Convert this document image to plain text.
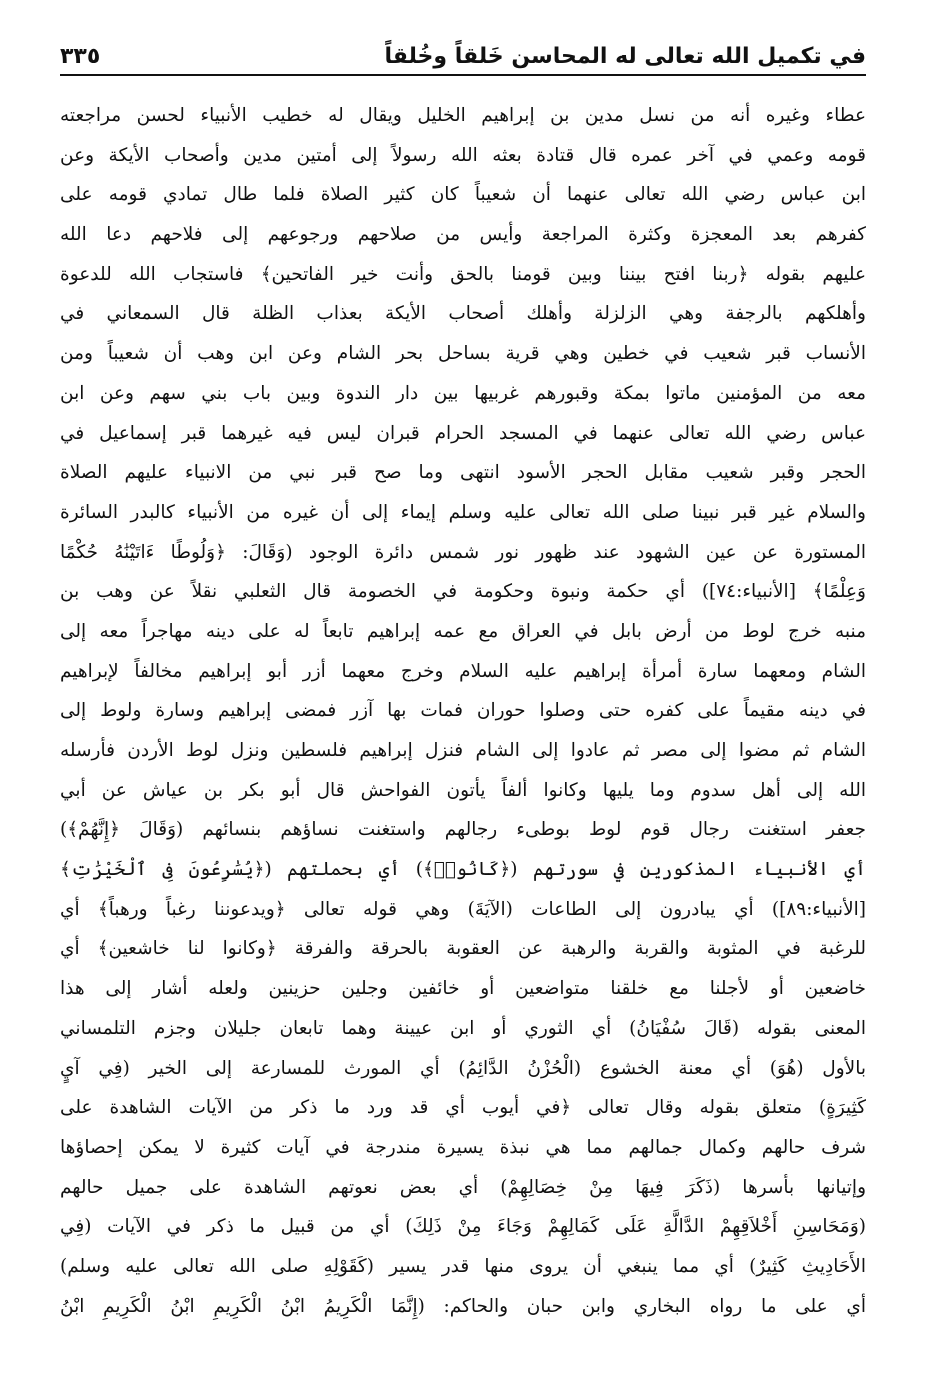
في تكميل الله تعالى له المحاسن خَلقاً وخُلقاً
٣٣٥
عطاء وغيره أنه من نسل مدين بن إبراهيم الخليل ويقال له خطيب الأنبياء لحسن مراجعته
قومه وعمي في آخر عمره قال قتادة بعثه الله رسولاً إلى أمتين مدين وأصحاب الأيكة وعن
ابن عباس رضي الله تعالى عنهما أن شعيباً كان كثير الصلاة فلما طال تمادي قومه على
كفرهم بعد المعجزة وكثرة المراجعة وأيس من صلاحهم ورجوعهم إلى فلاحهم دعا الله
عليهم بقوله ﴿ربنا افتح بيننا وبين قومنا بالحق وأنت خير الفاتحين﴾ فاستجاب الله للدعوة
وأهلكهم بالرجفة وهي الزلزلة وأهلك أصحاب الأيكة بعذاب الظلة قال السمعاني في
الأنساب قبر شعيب في خطين وهي قرية بساحل بحر الشام وعن ابن وهب أن شعيباً ومن
معه من المؤمنين ماتوا بمكة وقبورهم غربيها بين دار الندوة وبين باب بني سهم وعن ابن
عباس رضي الله تعالى عنهما في المسجد الحرام قبران ليس فيه غيرهما قبر إسماعيل في
الحجر وقبر شعيب مقابل الحجر الأسود انتهى وما صح قبر نبي من الانبياء عليهم الصلاة
والسلام غير قبر نبينا صلى الله تعالى عليه وسلم إيماء إلى أن غيره من الأنبياء كالبدر السائرة
المستورة عن عين الشهود عند ظهور نور شمس دائرة الوجود (وَقَالَ: ﴿وَلُوطًا ءَاتَيْنَٰهُ حُكْمًا
وَعِلْمًا﴾ [الأنبياء:٧٤]) أي حكمة ونبوة وحكومة في الخصومة قال الثعلبي نقلاً عن وهب بن
منبه خرج لوط من أرض بابل في العراق مع عمه إبراهيم تابعاً له على دينه مهاجراً معه إلى
الشام ومعهما سارة أمرأة إبراهيم عليه السلام وخرج معهما أزر أبو إبراهيم مخالفاً لإبراهيم
في دينه مقيماً على كفره حتى وصلوا حوران فمات بها آزر فمضى إبراهيم وسارة ولوط إلى
الشام ثم مضوا إلى مصر ثم عادوا إلى الشام فنزل إبراهيم فلسطين ونزل لوط الأردن فأرسله
الله إلى أهل سدوم وما يليها وكانوا ألفاً يأتون الفواحش قال أبو بكر بن عياش عن أبي
جعفر استغنت رجال قوم لوط بوطىء رجالهم واستغنت نساؤهم بنسائهم (وَقَالَ ﴿إِنَّهُمْ﴾)
أي الأنبياء المذكورين في سورتهم (﴿كَانُوا۟﴾) أي بحملتهم (﴿يُسَٰرِعُونَ فِى ٱلْخَيْرَٰتِ﴾
[الأنبياء:٨٩]) أي يبادرون إلى الطاعات (الآيَةَ) وهي قوله تعالى ﴿ويدعوننا رغباً ورهباً﴾ أي
للرغبة في المثوبة والقربة والرهبة عن العقوبة بالحرقة والفرقة ﴿وكانوا لنا خاشعين﴾ أي
خاضعين أو لأجلنا مع خلقنا متواضعين أو خائفين وجلين حزينين ولعله أشار إلى هذا
المعنى بقوله (قَالَ سُفْيَانُ) أي الثوري أو ابن عيينة وهما تابعان جليلان وجزم التلمساني
بالأول (هُوَ) أي معنة الخشوع (الْحُزْنُ الدَّائِمُ) أي المورث للمسارعة إلى الخير (فِي آيٍ
كَثِيرَةٍ) متعلق بقوله وقال تعالى ﴿في أيوب أي قد ورد ما ذكر من الآيات الشاهدة على
شرف حالهم وكمال جمالهم مما هي نبذة يسيرة مندرجة في آيات كثيرة لا يمكن إحصاؤها
وإتيانها بأسرها (ذَكَرَ فِيهَا مِنْ خِصَالِهِمْ) أي بعض نعوتهم الشاهدة على جميل حالهم
(وَمَحَاسِنِ أَخْلاَقِهِمْ الدَّالَّةِ عَلَى كَمَالِهِمْ وَجَاءَ مِنْ ذَلِكَ) أي من قبيل ما ذكر في الآيات (فِي
الأَحَادِيثِ كَثِيرٌ) أي مما ينبغي أن يروى منها قدر يسير (كَقَوْلِهِ صلى الله تعالى عليه وسلم)
أي على ما رواه البخاري وابن حبان والحاكم: (إِنَّمَا الْكَرِيمُ ابْنُ الْكَرِيمِ ابْنُ الْكَرِيمِ ابْنُ
